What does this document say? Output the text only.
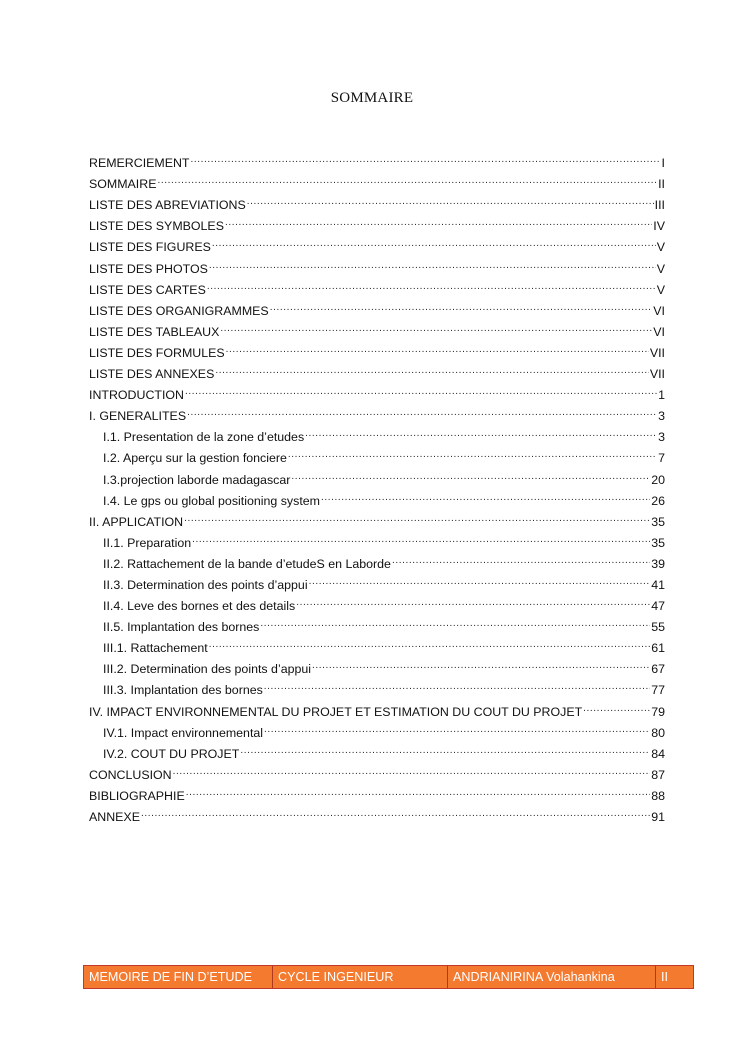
SOMMAIRE
REMERCIEMENT .....	I
SOMMAIRE .....	II
LISTE DES ABREVIATIONS .....	III
LISTE DES SYMBOLES .....	IV
LISTE DES FIGURES .....	V
LISTE DES PHOTOS .....	V
LISTE DES CARTES .....	V
LISTE DES ORGANIGRAMMES .....	VI
LISTE DES TABLEAUX .....	VI
LISTE DES FORMULES .....	VII
LISTE DES ANNEXES .....	VII
INTRODUCTION .....	1
I. GENERALITES .....	3
I.1. Presentation de la zone d’etudes .....	3
I.2. Aperçu sur la gestion fonciere .....	7
I.3.projection laborde madagascar .....	20
I.4. Le gps ou global positioning system .....	26
II. APPLICATION .....	35
II.1. Preparation .....	35
II.2. Rattachement de la bande d’etudeS en Laborde .....	39
II.3. Determination des points d’appui .....	41
II.4. Leve des bornes et des details .....	47
II.5. Implantation des bornes .....	55
III.1. Rattachement .....	61
III.2. Determination des points d’appui .....	67
III.3. Implantation des bornes .....	77
IV. IMPACT ENVIRONNEMENTAL DU PROJET ET ESTIMATION DU COUT DU PROJET .....	79
IV.1. Impact environnemental .....	80
IV.2. COUT DU PROJET .....	84
CONCLUSION .....	87
BIBLIOGRAPHIE .....	88
ANNEXE .....	91
MEMOIRE DE FIN D’ETUDE	CYCLE INGENIEUR	ANDRIANIRINA Volahankina	II
